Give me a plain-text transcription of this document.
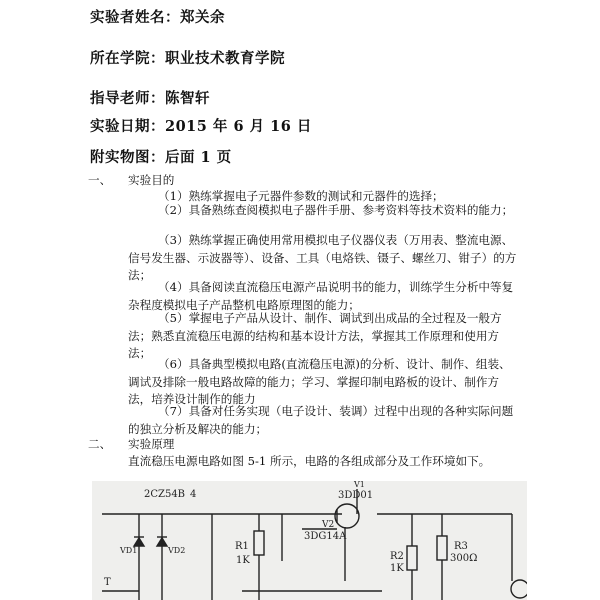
实验者姓名：郑关余
所在学院：职业技术教育学院
指导老师：陈智轩
实验日期：2015 年 6 月 16 日
附实物图：后面 1 页
一、 实验目的
（1）熟练掌握电子元器件参数的测试和元器件的选择；
（2）具备熟练查阅模拟电子器件手册、参考资料等技术资料的能力；
（3）熟练掌握正确使用常用模拟电子仪器仪表（万用表、整流电源、信号发生器、示波器等）、设备、工具（电烙铁、镊子、螺丝刀、钳子）的方法；
（4）具备阅读直流稳压电源产品说明书的能力，训练学生分析中等复杂程度模拟电子产品整机电路原理图的能力；
（5）掌握电子产品从设计、制作、调试到出成品的全过程及一般方法；熟悉直流稳压电源的结构和基本设计方法，掌握其工作原理和使用方法；
（6）具备典型模拟电路(直流稳压电源)的分析、设计、制作、组装、调试及排除一般电路故障的能力；学习、掌握印制电路板的设计、制作方法，培养设计制作的能力
（7）具备对任务实现（电子设计、装调）过程中出现的各种实际问题的独立分析及解决的能力；
二、 实验原理
直流稳压电源电路如图 5-1 所示，电路的各组成部分及工作环境如下。
2CZ54B 4
VD1	VD2
T
V1
3DD01
V2
3DG14A
R1
1K	R2
1K
R3
300Ω
